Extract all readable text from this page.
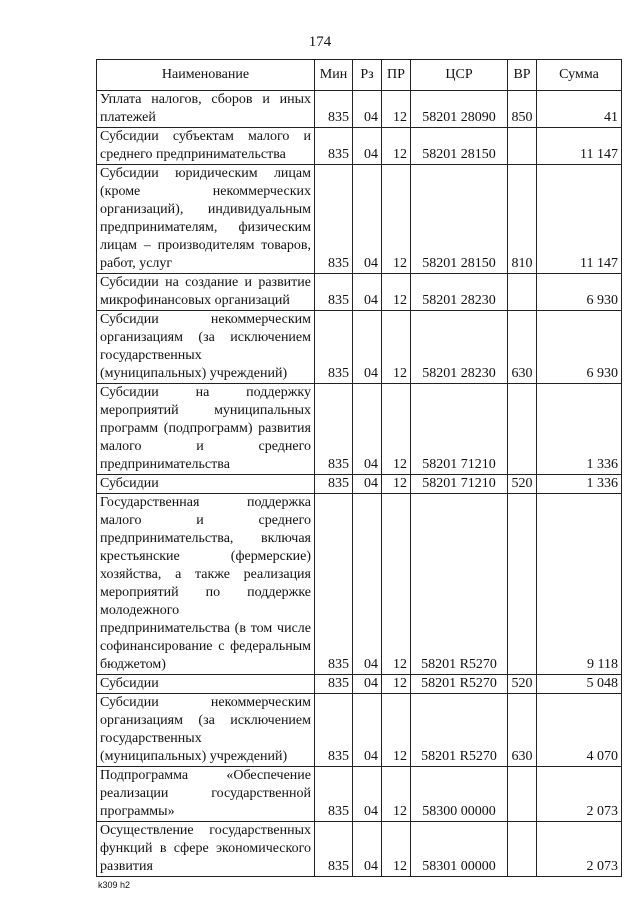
174
Наименование	Мин	Рз	ПР	ЦСР	ВР	Сумма
Уплата налогов, сборов и иных платежей	835	04	12	58201 28090	850	41
Субсидии субъектам малого и среднего предпринимательства	835	04	12	58201 28150		11 147
Субсидии юридическим лицам (кроме некоммерческих организаций), индивидуальным предпринимателям, физическим лицам – производителям товаров, работ, услуг	835	04	12	58201 28150	810	11 147
Субсидии на создание и развитие микрофинансовых организаций	835	04	12	58201 28230		6 930
Субсидии некоммерческим организациям (за исключением государственных (муниципальных) учреждений)	835	04	12	58201 28230	630	6 930
Субсидии на поддержку мероприятий муниципальных программ (подпрограмм) развития малого и среднего предпринимательства	835	04	12	58201 71210		1 336
Субсидии	835	04	12	58201 71210	520	1 336
Государственная поддержка малого и среднего предпринимательства, включая крестьянские (фермерские) хозяйства, а также реализация мероприятий по поддержке молодежного предпринимательства (в том числе софинансирование с федеральным бюджетом)	835	04	12	58201 R5270		9 118
Субсидии	835	04	12	58201 R5270	520	5 048
Субсидии некоммерческим организациям (за исключением государственных (муниципальных) учреждений)	835	04	12	58201 R5270	630	4 070
Подпрограмма «Обеспечение реализации государственной программы»	835	04	12	58300 00000		2 073
Осуществление государственных функций в сфере экономического развития	835	04	12	58301 00000		2 073
k309 h2
